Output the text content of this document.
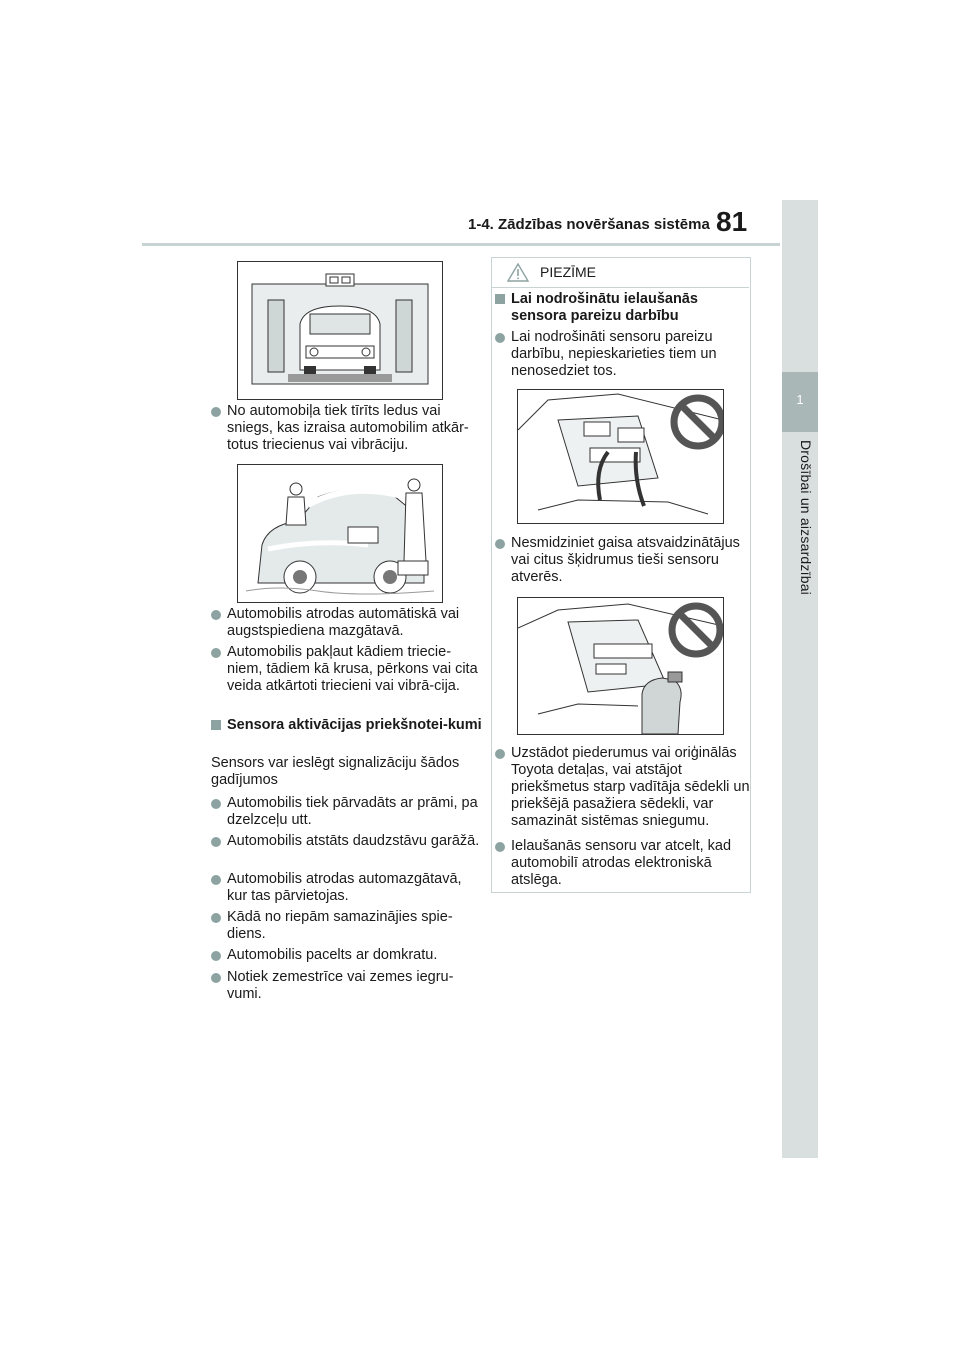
1-4. Zādzības novēršanas sistēma 81
1
Drošībai un aizsardzībai
No automobiļa tiek tīrīts ledus vai sniegs, kas izraisa automobilim atkār-totus triecienus vai vibrāciju.
Automobilis atrodas automātiskā vai augstspiediena mazgātavā.
Automobilis pakļaut kādiem triecie-niem, tādiem kā krusa, pērkons vai cita veida atkārtoti triecieni vai vibrā-cija.
Sensora aktivācijas priekšnotei-kumi
Sensors var ieslēgt signalizāciju šādos gadījumos
Automobilis tiek pārvadāts ar prāmi, pa dzelzceļu utt.
Automobilis atstāts daudzstāvu garāžā.
Automobilis atrodas automazgātavā, kur tas pārvietojas.
Kādā no riepām samazinājies spie-diens.
Automobilis pacelts ar domkratu.
Notiek zemestrīce vai zemes iegru-vumi.
PIEZĪME
Lai nodrošinātu ielaušanās sensora pareizu darbību
Lai nodrošināti sensoru pareizu darbību, nepieskarieties tiem un nenosedziet tos.
Nesmidziniet gaisa atsvaidzinātājus vai citus šķidrumus tieši sensoru atverēs.
Uzstādot piederumus vai oriģinālās Toyota detaļas, vai atstājot priekšmetus starp vadītāja sēdekli un priekšējā pasažiera sēdekli, var samazināt sistēmas sniegumu.
Ielaušanās sensoru var atcelt, kad automobilī atrodas elektroniskā atslēga.
